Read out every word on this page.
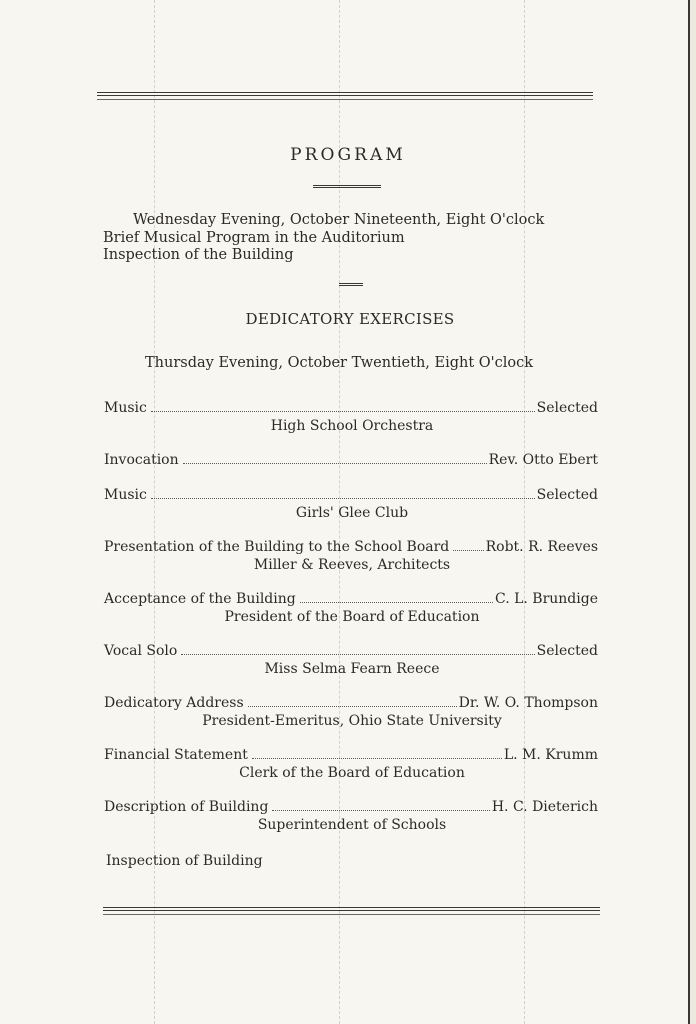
PROGRAM
Wednesday Evening, October Nineteenth, Eight O'clock
Brief Musical Program in the Auditorium
Inspection of the Building
DEDICATORY EXERCISES
Thursday Evening, October Twentieth, Eight O'clock
Music	Selected
High School Orchestra
Invocation	Rev. Otto Ebert
Music	Selected
Girls' Glee Club
Presentation of the Building to the School Board	Robt. R. Reeves
Miller & Reeves, Architects
Acceptance of the Building	C. L. Brundige
President of the Board of Education
Vocal Solo	Selected
Miss Selma Fearn Reece
Dedicatory Address	Dr. W. O. Thompson
President-Emeritus, Ohio State University
Financial Statement	L. M. Krumm
Clerk of the Board of Education
Description of Building	H. C. Dieterich
Superintendent of Schools
Inspection of Building
